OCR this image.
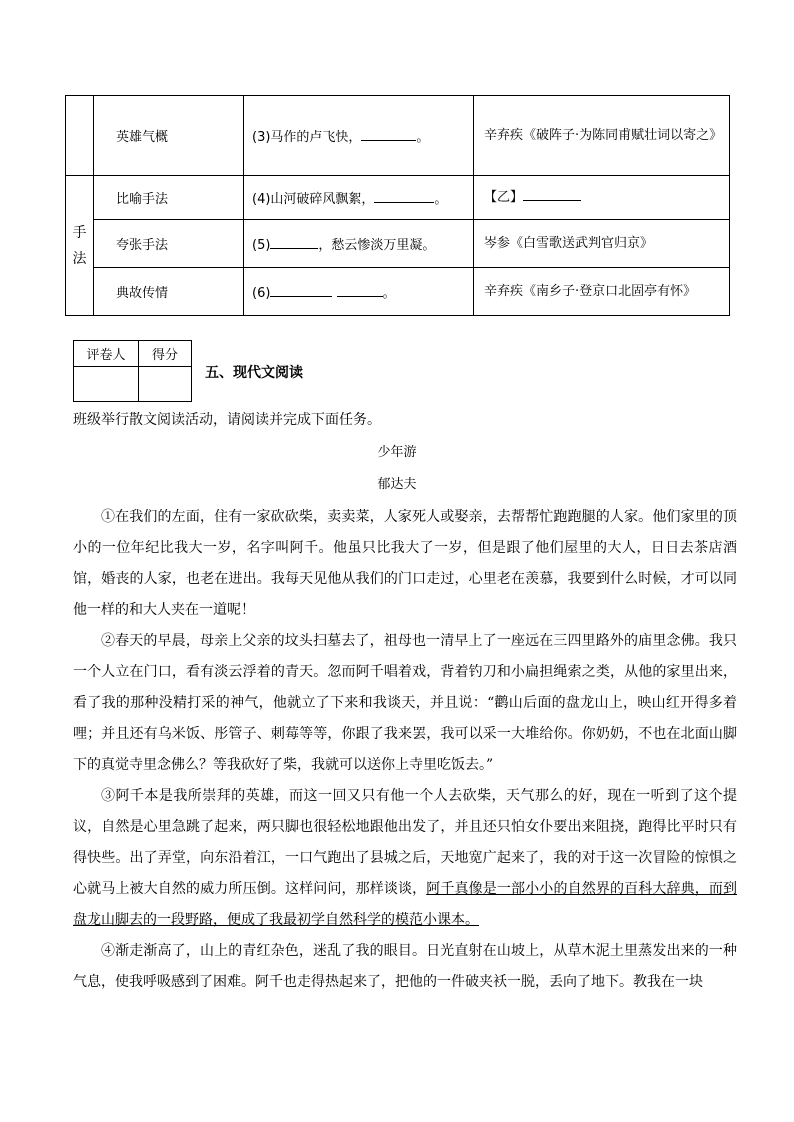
	英雄气概	(3)马作的卢飞快， 。	辛弃疾《破阵子·为陈同甫赋壮词以寄之》
手法	比喻手法	(4)山河破碎风飘絮， 。	【乙】
	夸张手法	(5) ，愁云惨淡万里凝。	岑参《白雪歌送武判官归京》
	典故传情	(6) 。	辛弃疾《南乡子·登京口北固亭有怀》
评卷人	得分

五、现代文阅读
班级举行散文阅读活动，请阅读并完成下面任务。
少年游
郁达夫

①在我们的左面，住有一家砍砍柴，卖卖菜，人家死人或娶亲，去帮帮忙跑跑腿的人家。他们家里的顶小的一位年纪比我大一岁，名字叫阿千。他虽只比我大了一岁，但是跟了他们屋里的大人，日日去茶店酒馆，婚丧的人家，也老在进出。我每天见他从我们的门口走过，心里老在羡慕，我要到什么时候，才可以同他一样的和大人夹在一道呢！

②春天的早晨，母亲上父亲的坟头扫墓去了，祖母也一清早上了一座远在三四里路外的庙里念佛。我只一个人立在门口，看有淡云浮着的青天。忽而阿千唱着戏，背着钓刀和小扁担绳索之类，从他的家里出来，看了我的那种没精打采的神气，他就立了下来和我谈天，并且说：“鹳山后面的盘龙山上，映山红开得多着哩；并且还有乌米饭、彤管子、刺莓等等，你跟了我来罢，我可以采一大堆给你。你奶奶，不也在北面山脚下的真觉寺里念佛么？等我砍好了柴，我就可以送你上寺里吃饭去。”

③阿千本是我所崇拜的英雄，而这一回又只有他一个人去砍柴，天气那么的好，现在一听到了这个提议，自然是心里急跳了起来，两只脚也很轻松地跟他出发了，并且还只怕女仆要出来阻挠，跑得比平时只有得快些。出了弄堂，向东沿着江，一口气跑出了县城之后，天地宽广起来了，我的对于这一次冒险的惊惧之心就马上被大自然的威力所压倒。这样问问，那样谈谈，阿千真像是一部小小的自然界的百科大辞典，而到盘龙山脚去的一段野路，便成了我最初学自然科学的模范小课本。

④渐走渐高了，山上的青红杂色，迷乱了我的眼目。日光直射在山坡上，从草木泥土里蒸发出来的一种气息，使我呼吸感到了困难。阿千也走得热起来了，把他的一件破夹袄一脱，丢向了地下。教我在一块
